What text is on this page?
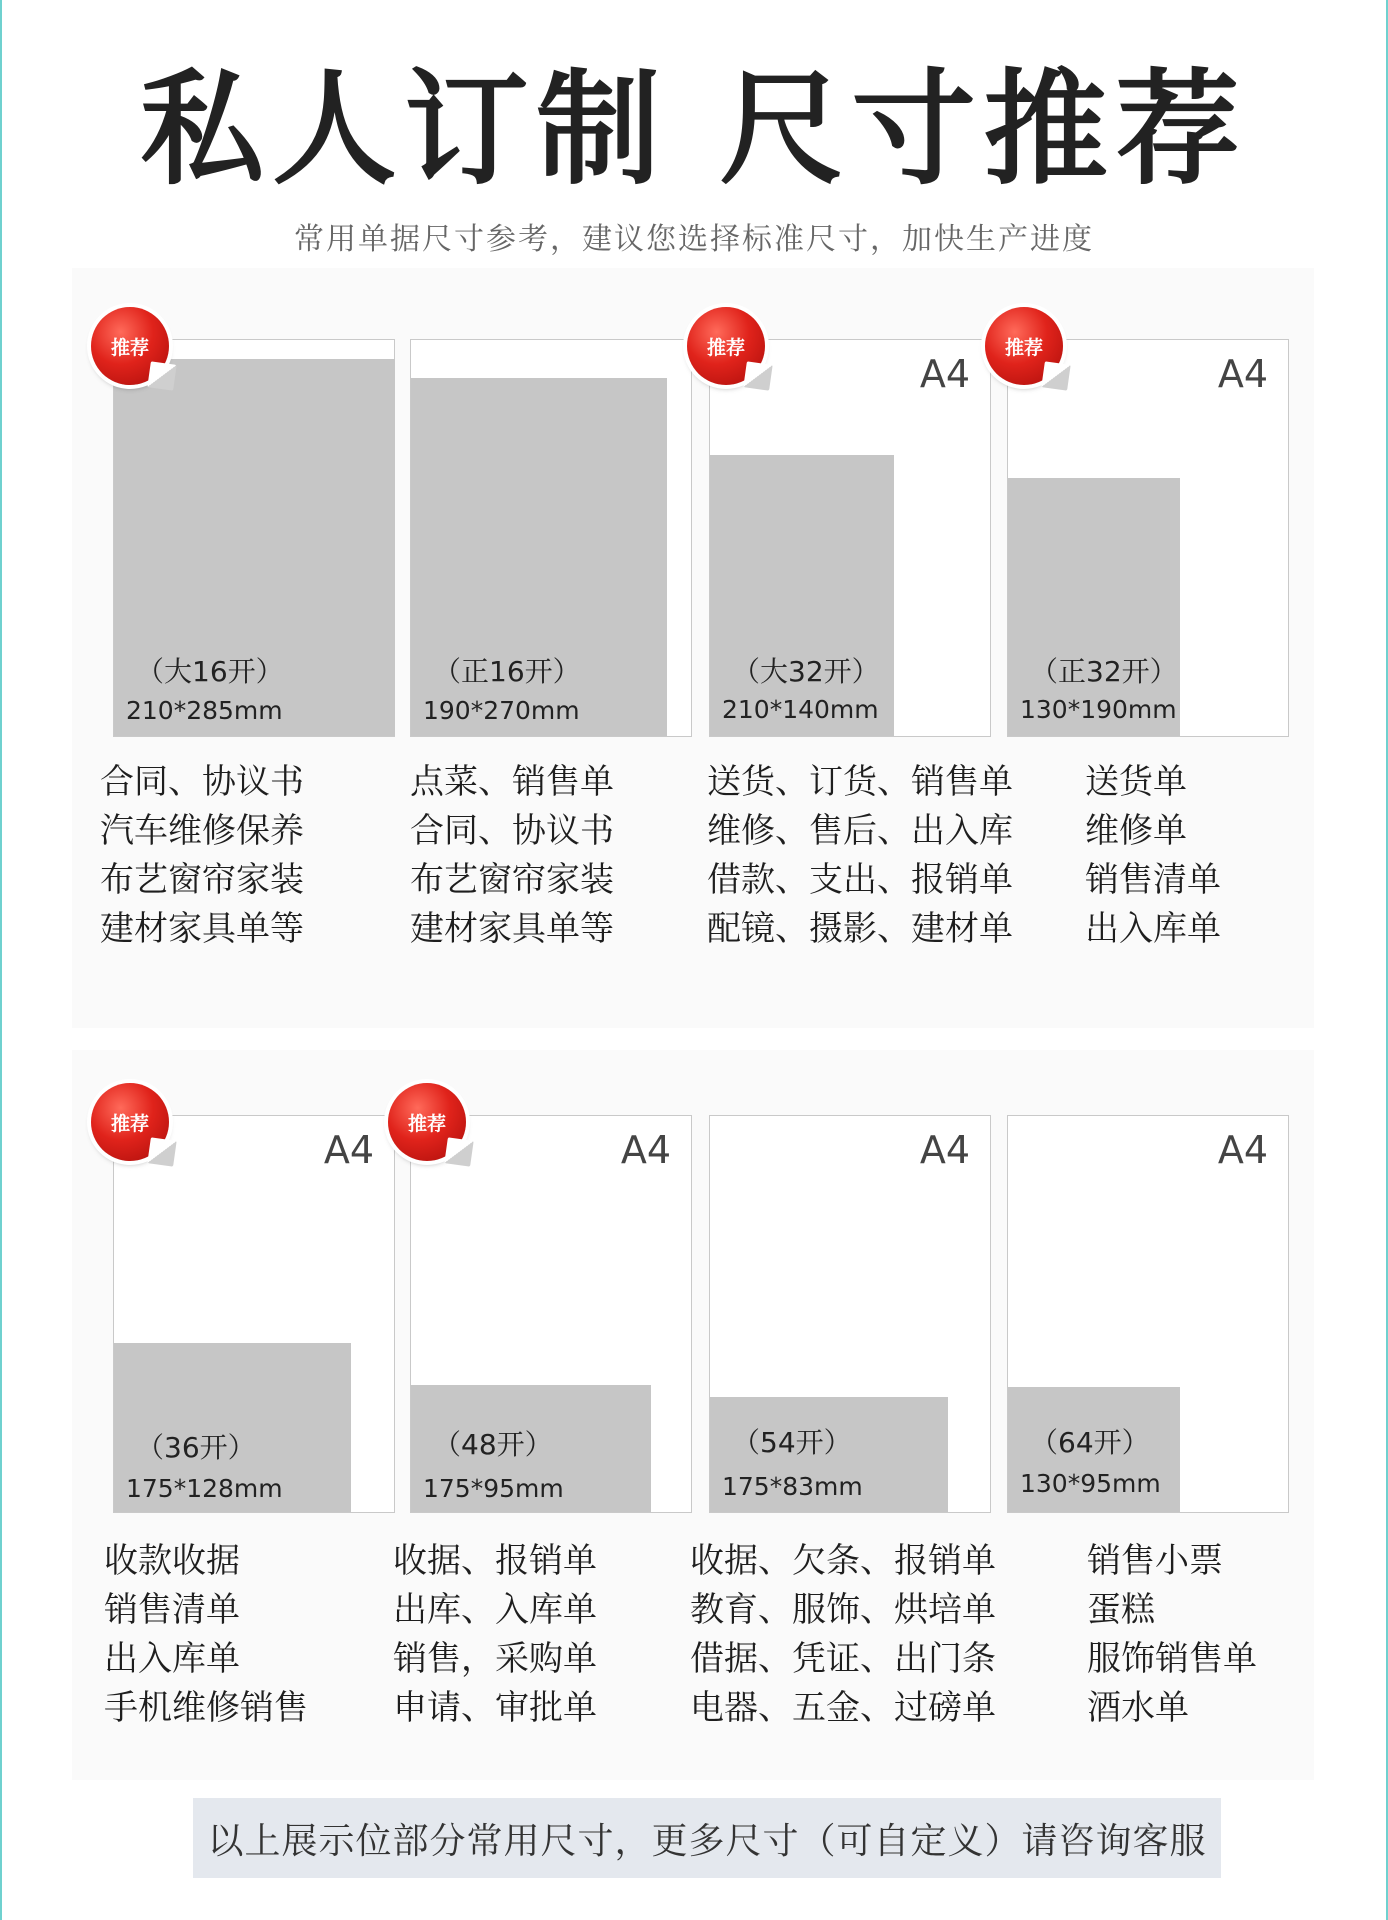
私人订制 尺寸推荐
常用单据尺寸参考，建议您选择标准尺寸，加快生产进度
（大16开）
210*285mm
推荐
合同、协议书
汽车维修保养
布艺窗帘家装
建材家具单等
（正16开）
190*270mm
点菜、销售单
合同、协议书
布艺窗帘家装
建材家具单等
A4
（大32开）
210*140mm
推荐
送货、订货、销售单
维修、售后、出入库
借款、支出、报销单
配镜、摄影、建材单
A4
（正32开）
130*190mm
推荐
送货单
维修单
销售清单
出入库单
A4
（36开）
175*128mm
推荐
收款收据
销售清单
出入库单
手机维修销售
A4
（48开）
175*95mm
推荐
收据、报销单
出库、入库单
销售，采购单
申请、审批单
A4
（54开）
175*83mm
收据、欠条、报销单
教育、服饰、烘培单
借据、凭证、出门条
电器、五金、过磅单
A4
（64开）
130*95mm
销售小票
蛋糕
服饰销售单
酒水单
以上展示位部分常用尺寸，更多尺寸（可自定义）请咨询客服
